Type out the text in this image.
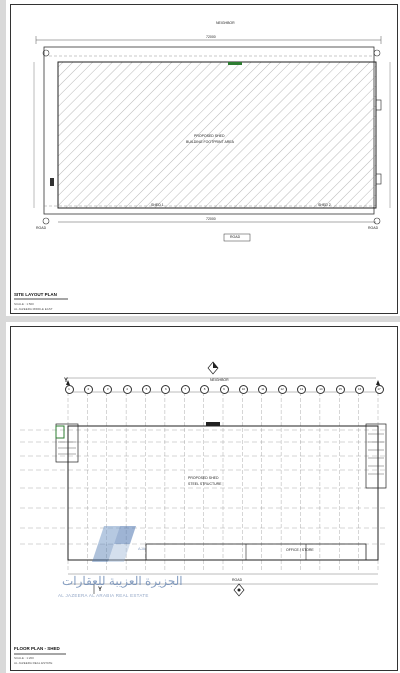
NEIGHBOR
72000
PROPOSED SHED
BUILDING FOOTPRINT AREA
SHED 1	SHED 2
72000
ROAD
ROAD	ROAD
SITE LAYOUT PLAN
SCALE : 1:500
AL JAZEERA MIDDLE EAST
NEIGHBOR
Y
Y
PROPOSED SHED
STEEL STRUCTURE
OFFICE / STORE
ROAD
1	2	3	4	5	6	7	8	9	10	11	12	13	14	15	16	17
AJA
الجزيرة العزيبة للعقارات
AL JAZEERA AL ARABIA REAL ESTATE
FLOOR PLAN - SHED
SCALE : 1:200
AL JAZEERA REAL ESTATE
